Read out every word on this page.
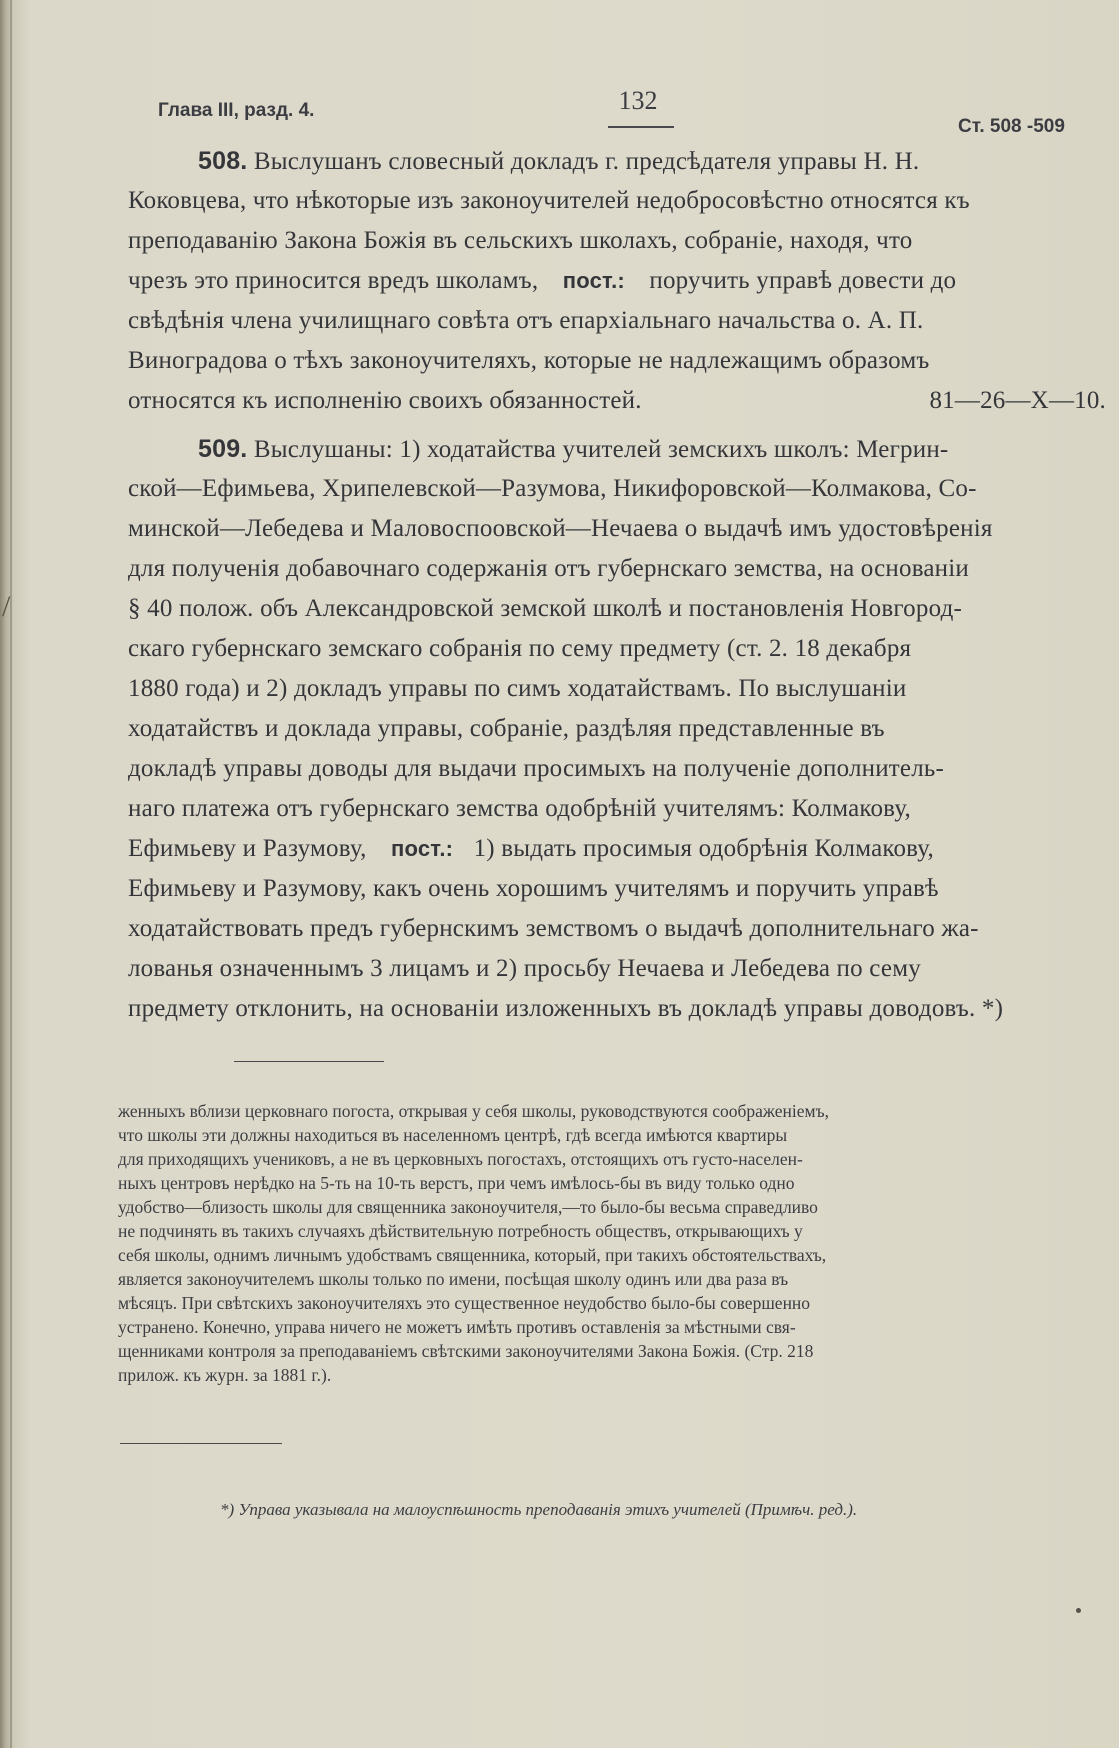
/
Глава III, разд. 4.	132
Ст. 508 -509
508. Выслушанъ словесный докладъ г. предсѣдателя управы Н. Н.
Коковцева, что нѣкоторые изъ законоучителей недобросовѣстно относятся къ
преподаванію Закона Божія въ сельскихъ школахъ, собраніе, находя, что
чрезъ это приносится вредъ школамъ, пост.: поручить управѣ довести до
свѣдѣнія члена училищнаго совѣта отъ епархіальнаго начальства о. А. П.
Виноградова о тѣхъ законоучителяхъ, которые не надлежащимъ образомъ
относятся къ исполненію своихъ обязанностей.	81—26—Х—10.
509. Выслушаны: 1) ходатайства учителей земскихъ школъ: Мегрин-
ской—Ефимьева, Хрипелевской—Разумова, Никифоровской—Колмакова, Со-
минской—Лебедева и Маловоспоовской—Нечаева о выдачѣ имъ удостовѣренія
для полученія добавочнаго содержанія отъ губернскаго земства, на основаніи
§ 40 полож. объ Александровской земской школѣ и постановленія Новгород-
скаго губернскаго земскаго собранія по сему предмету (ст. 2. 18 декабря
1880 года) и 2) докладъ управы по симъ ходатайствамъ. По выслушаніи
ходатайствъ и доклада управы, собраніе, раздѣляя представленные въ
докладѣ управы доводы для выдачи просимыхъ на полученіе дополнитель-
наго платежа отъ губернскаго земства одобрѣній учителямъ: Колмакову,
Ефимьеву и Разумову, пост.: 1) выдать просимыя одобрѣнія Колмакову,
Ефимьеву и Разумову, какъ очень хорошимъ учителямъ и поручить управѣ
ходатайствовать предъ губернскимъ земствомъ о выдачѣ дополнительнаго жа-
лованья означеннымъ 3 лицамъ и 2) просьбу Нечаева и Лебедева по сему
предмету отклонить, на основаніи изложенныхъ въ докладѣ управы доводовъ. *)
женныхъ вблизи церковнаго погоста, открывая у себя школы, руководствуются соображеніемъ,
что школы эти должны находиться въ населенномъ центрѣ, гдѣ всегда имѣются квартиры
для приходящихъ учениковъ, а не въ церковныхъ погостахъ, отстоящихъ отъ густо-населен-
ныхъ центровъ нерѣдко на 5-ть на 10-ть верстъ, при чемъ имѣлось-бы въ виду только одно
удобство—близость школы для священника законоучителя,—то было-бы весьма справедливо
не подчинять въ такихъ случаяхъ дѣйствительную потребность обществъ, открывающихъ у
себя школы, однимъ личнымъ удобствамъ священника, который, при такихъ обстоятельствахъ,
является законоучителемъ школы только по имени, посѣщая школу одинъ или два раза въ
мѣсяцъ. При свѣтскихъ законоучителяхъ это существенное неудобство было-бы совершенно
устранено. Конечно, управа ничего не можетъ имѣть противъ оставленія за мѣстными свя-
щенниками контроля за преподаваніемъ свѣтскими законоучителями Закона Божія. (Стр. 218
прилож. къ журн. за 1881 г.).
*) Управа указывала на малоуспѣшность преподаванія этихъ учителей (Примѣч. ред.).
